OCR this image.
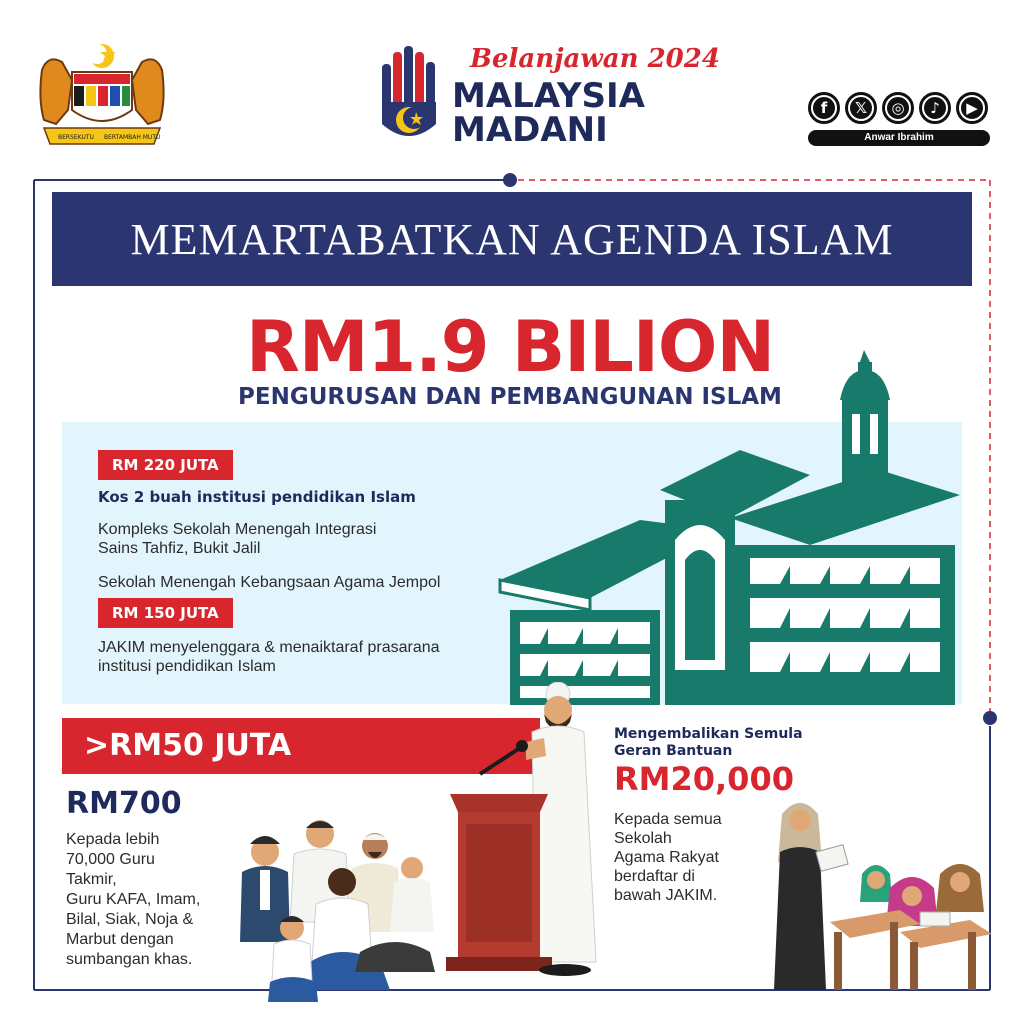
BERSEKUTU BERTAMBAH MUTU
Belanjawan 2024
MALAYSIA
MADANI
f	𝕏	◎	♪	▶
Anwar Ibrahim
MEMARTABATKAN AGENDA ISLAM
RM1.9 BILION
PENGURUSAN DAN PEMBANGUNAN ISLAM
RM 220 JUTA
Kos 2 buah institusi pendidikan Islam
Kompleks Sekolah Menengah Integrasi
Sains Tahfiz, Bukit Jalil
Sekolah Menengah Kebangsaan Agama Jempol
RM 150 JUTA
JAKIM menyelenggara & menaiktaraf prasarana
institusi pendidikan Islam
>RM50 JUTA
RM700
Kepada lebih
70,000 Guru
Takmir,
Guru KAFA, Imam,
Bilal, Siak, Noja &
Marbut dengan
sumbangan khas.
Mengembalikan Semula
Geran Bantuan
RM20,000
Kepada semua
Sekolah
Agama Rakyat
berdaftar di
bawah JAKIM.
